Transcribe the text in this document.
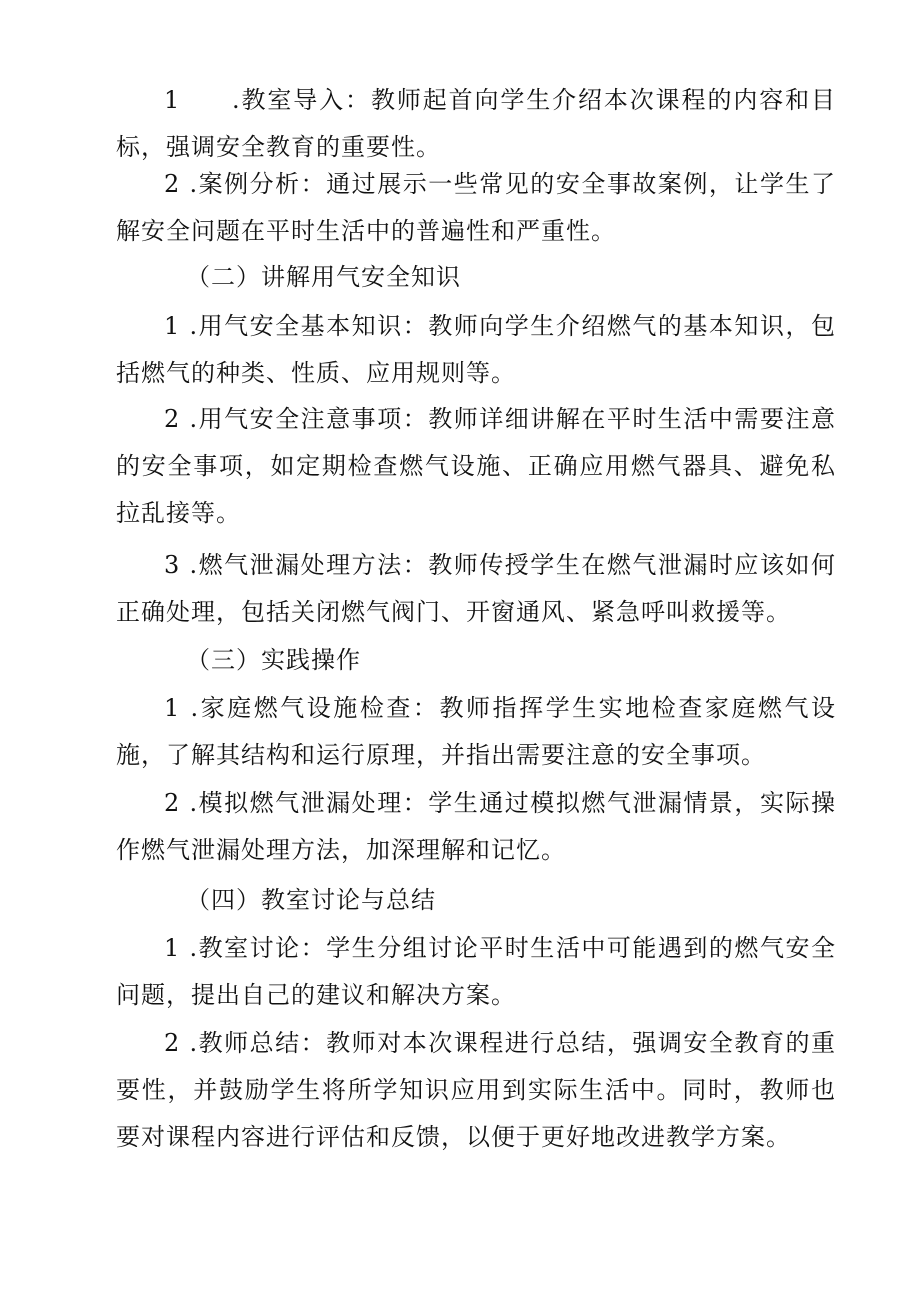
1 .教室导入：教师起首向学生介绍本次课程的内容和目标，强调安全教育的重要性。

2 .案例分析：通过展示一些常见的安全事故案例，让学生了解安全问题在平时生活中的普遍性和严重性。

（二）讲解用气安全知识

1 .用气安全基本知识：教师向学生介绍燃气的基本知识，包括燃气的种类、性质、应用规则等。

2 .用气安全注意事项：教师详细讲解在平时生活中需要注意的安全事项，如定期检查燃气设施、正确应用燃气器具、避免私拉乱接等。

3 .燃气泄漏处理方法：教师传授学生在燃气泄漏时应该如何正确处理，包括关闭燃气阀门、开窗通风、紧急呼叫救援等。

（三）实践操作

1 .家庭燃气设施检查：教师指挥学生实地检查家庭燃气设施，了解其结构和运行原理，并指出需要注意的安全事项。

2 .模拟燃气泄漏处理：学生通过模拟燃气泄漏情景，实际操作燃气泄漏处理方法，加深理解和记忆。

（四）教室讨论与总结

1 .教室讨论：学生分组讨论平时生活中可能遇到的燃气安全问题，提出自己的建议和解决方案。

2 .教师总结：教师对本次课程进行总结，强调安全教育的重要性，并鼓励学生将所学知识应用到实际生活中。同时，教师也要对课程内容进行评估和反馈，以便于更好地改进教学方案。
